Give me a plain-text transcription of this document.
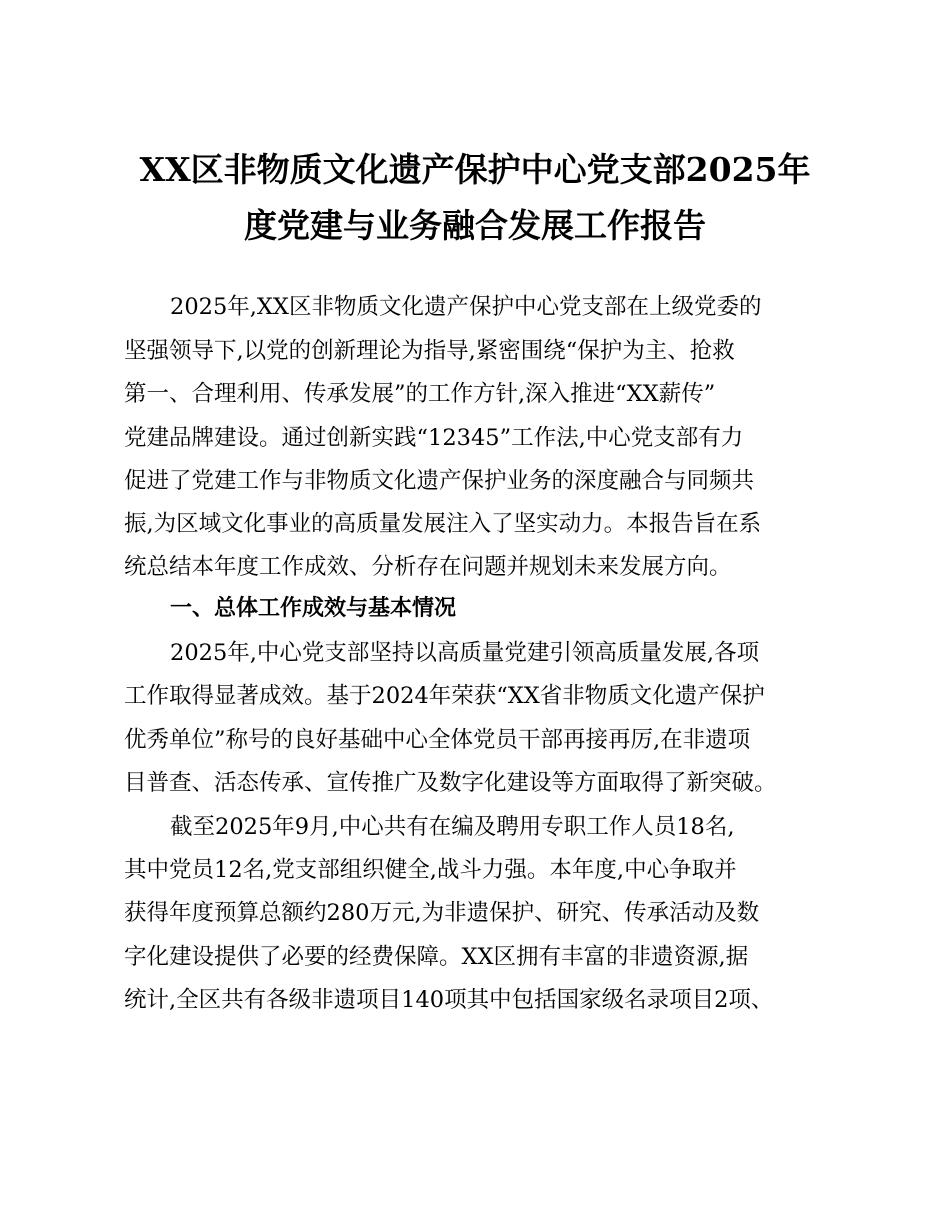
XX区非物质文化遗产保护中心党支部2025年
度党建与业务融合发展工作报告

2025年,XX区非物质文化遗产保护中心党支部在上级党委的

坚强领导下,以党的创新理论为指导,紧密围绕“保护为主、抢救

第一、合理利用、传承发展”的工作方针,深入推进“XX薪传”

党建品牌建设。通过创新实践“12345”工作法,中心党支部有力

促进了党建工作与非物质文化遗产保护业务的深度融合与同频共

振,为区域文化事业的高质量发展注入了坚实动力。本报告旨在系

统总结本年度工作成效、分析存在问题并规划未来发展方向。

一、总体工作成效与基本情况

2025年,中心党支部坚持以高质量党建引领高质量发展,各项

工作取得显著成效。基于2024年荣获“XX省非物质文化遗产保护

优秀单位”称号的良好基础中心全体党员干部再接再厉,在非遗项

目普查、活态传承、宣传推广及数字化建设等方面取得了新突破。

截至2025年9月,中心共有在编及聘用专职工作人员18名,

其中党员12名,党支部组织健全,战斗力强。本年度,中心争取并

获得年度预算总额约280万元,为非遗保护、研究、传承活动及数

字化建设提供了必要的经费保障。XX区拥有丰富的非遗资源,据

统计,全区共有各级非遗项目140项其中包括国家级名录项目2项、
